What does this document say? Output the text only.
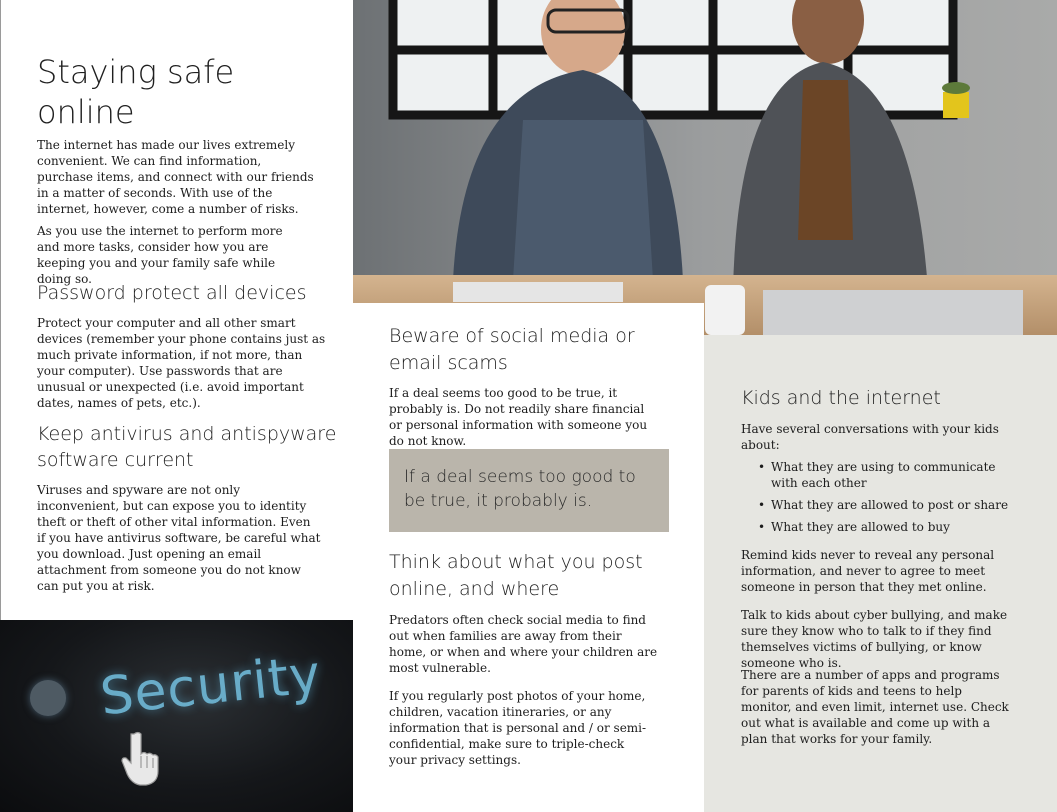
Staying safe online

The internet has made our lives extremely convenient. We can find information, purchase items, and connect with our friends in a matter of seconds. With use of the internet, however, come a number of risks.

As you use the internet to perform more and more tasks, consider how you are keeping you and your family safe while doing so.

Password protect all devices

Protect your computer and all other smart devices (remember your phone contains just as much private information, if not more, than your computer). Use passwords that are unusual or unexpected (i.e. avoid important dates, names of pets, etc.).

Keep antivirus and antispyware software current

Viruses and spyware are not only inconvenient, but can expose you to identity theft or theft of other vital information. Even if you have antivirus software, be careful what you download. Just opening an email attachment from someone you do not know can put you at risk.

Security
Beware of social media or email scams

If a deal seems too good to be true, it probably is. Do not readily share financial or personal information with someone you do not know.

If a deal seems too good to be true, it probably is.

Think about what you post online, and where

Predators often check social media to find out when families are away from their home, or when and where your children are most vulnerable.

If you regularly post photos of your home, children, vacation itineraries, or any information that is personal and / or semi-confidential, make sure to triple-check your privacy settings.

Kids and the internet

Have several conversations with your kids about:

• What they are using to communicate with each other
• What they are allowed to post or share
• What they are allowed to buy

Remind kids never to reveal any personal information, and never to agree to meet someone in person that they met online.

Talk to kids about cyber bullying, and make sure they know who to talk to if they find themselves victims of bullying, or know someone who is.

There are a number of apps and programs for parents of kids and teens to help monitor, and even limit, internet use. Check out what is available and come up with a plan that works for your family.
